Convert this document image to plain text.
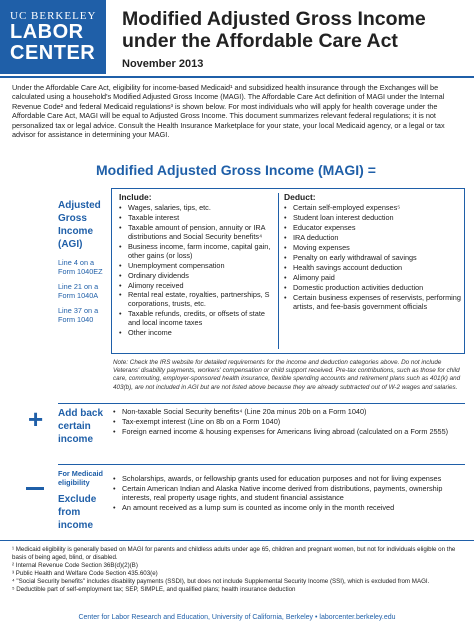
UC BERKELEY
LABOR
CENTER
Modified Adjusted Gross Income
under the Affordable Care Act
November 2013

Under the Affordable Care Act, eligibility for income-based Medicaid¹ and subsidized health insurance through the Exchanges will be calculated using a household's Modified Adjusted Gross Income (MAGI). The Affordable Care Act definition of MAGI under the Internal Revenue Code² and federal Medicaid regulations³ is shown below. For most individuals who will apply for health coverage under the Affordable Care Act, MAGI will be equal to Adjusted Gross Income. This document summarizes relevant federal regulations; it is not personalized tax or legal advice. Consult the Health Insurance Marketplace for your state, your local Medicaid agency, or a legal or tax advisor for assistance in determining your MAGI.

Modified Adjusted Gross Income (MAGI) =
Adjusted
Gross
Income
(AGI)
Line 4 on a
Form 1040EZ
Line 21 on a
Form 1040A
Line 37 on a
Form 1040
Include:
• Wages, salaries, tips, etc.
• Taxable interest
• Taxable amount of pension, annuity or IRA distributions and Social Security benefits⁴
• Business income, farm income, capital gain, other gains (or loss)
• Unemployment compensation
• Ordinary dividends
• Alimony received
• Rental real estate, royalties, partnerships, S corporations, trusts, etc.
• Taxable refunds, credits, or offsets of state and local income taxes
• Other income
Deduct:
• Certain self-employed expenses⁵
• Student loan interest deduction
• Educator expenses
• IRA deduction
• Moving expenses
• Penalty on early withdrawal of savings
• Health savings account deduction
• Alimony paid
• Domestic production activities deduction
• Certain business expenses of reservists, performing artists, and fee-basis government officials

Note: Check the IRS website for detailed requirements for the income and deduction categories above. Do not include Veterans' disability payments, workers' compensation or child support received. Pre-tax contributions, such as those for child care, commuting, employer-sponsored health insurance, flexible spending accounts and retirement plans such as 401(k) and 403(b), are not included in AGI but are not listed above because they are already subtracted out of W-2 wages and salaries.

+ Add back
certain
income
• Non-taxable Social Security benefits⁴ (Line 20a minus 20b on a Form 1040)
• Tax-exempt interest (Line on 8b on a Form 1040)
• Foreign earned income & housing expenses for Americans living abroad (calculated on a Form 2555)
For Medicaid
eligibility
Exclude
from
income
• Scholarships, awards, or fellowship grants used for education purposes and not for living expenses
• Certain American Indian and Alaska Native income derived from distributions, payments, ownership interests, real property usage rights, and student financial assistance
• An amount received as a lump sum is counted as income only in the month received
¹ Medicaid eligibility is generally based on MAGI for parents and childless adults under age 65, children and pregnant women, but not for individuals eligible on the basis of being aged, blind, or disabled.
² Internal Revenue Code Section 36B(d)(2)(B)
³ Public Health and Welfare Code Section 435.603(e)
⁴ "Social Security benefits" includes disability payments (SSDI), but does not include Supplemental Security Income (SSI), which is excluded from MAGI.
⁵ Deductible part of self-employment tax; SEP, SIMPLE, and qualified plans; health insurance deduction
Center for Labor Research and Education, University of California, Berkeley • laborcenter.berkeley.edu
